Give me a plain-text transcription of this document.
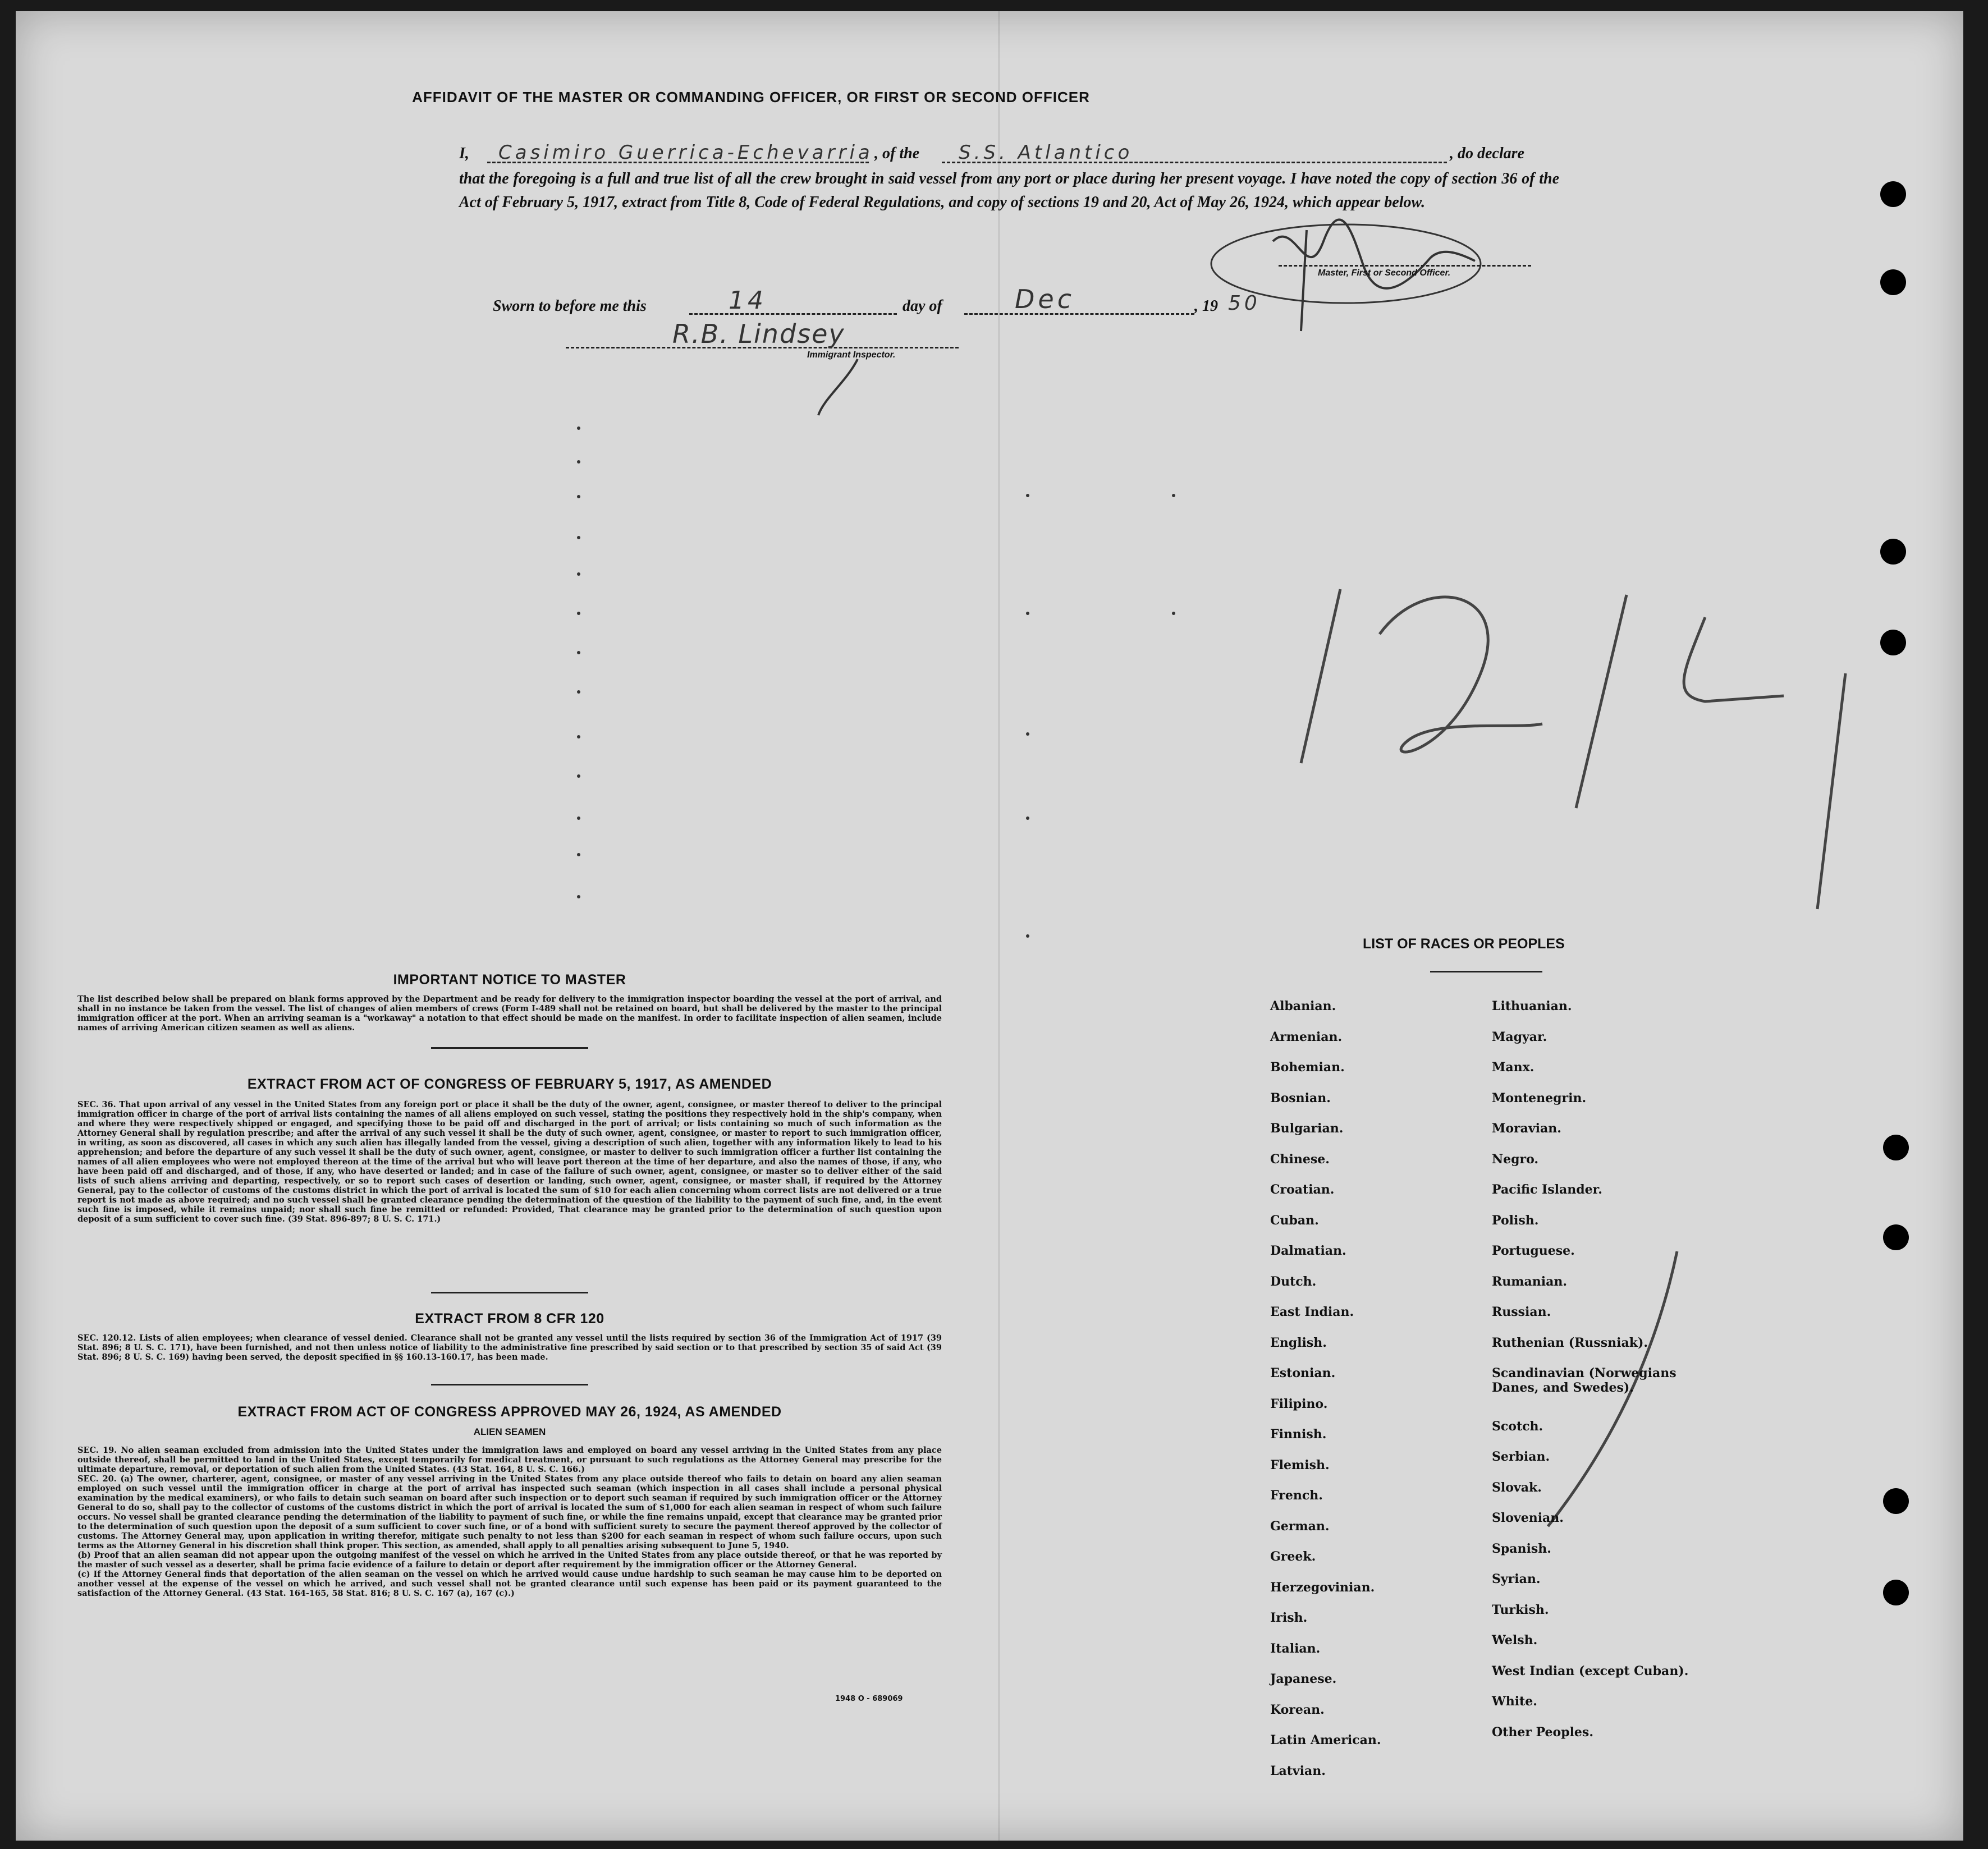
AFFIDAVIT OF THE MASTER OR COMMANDING OFFICER, OR FIRST OR SECOND OFFICER
I, Casimiro Guerrica-Echevarria , of the S.S. Atlantico	, do declare
that the foregoing is a full and true list of all the crew brought in said vessel from any port or place during her present voyage. I have noted the copy of section 36 of the Act of February 5, 1917, extract from Title 8, Code of Federal Regulations, and copy of sections 19 and 20, Act of May 26, 1924, which appear below.
Master, First or Second Officer.
Sworn to before me this	14	day of	Dec	, 19 50
R.B. Lindsey
Immigrant Inspector.
IMPORTANT NOTICE TO MASTER
The list described below shall be prepared on blank forms approved by the Department and be ready for delivery to the immigration inspector boarding the vessel at the port of arrival, and shall in no instance be taken from the vessel. The list of changes of alien members of crews (Form I-489 shall not be retained on board, but shall be delivered by the master to the principal immigration officer at the port. When an arriving seaman is a "workaway" a notation to that effect should be made on the manifest. In order to facilitate inspection of alien seamen, include names of arriving American citizen seamen as well as aliens.
EXTRACT FROM ACT OF CONGRESS OF FEBRUARY 5, 1917, AS AMENDED
SEC. 36. That upon arrival of any vessel in the United States from any foreign port or place it shall be the duty of the owner, agent, consignee, or master thereof to deliver to the principal immigration officer in charge of the port of arrival lists containing the names of all aliens employed on such vessel, stating the positions they respectively hold in the ship's company, when and where they were respectively shipped or engaged, and specifying those to be paid off and discharged in the port of arrival; or lists containing so much of such information as the Attorney General shall by regulation prescribe; and after the arrival of any such vessel it shall be the duty of such owner, agent, consignee, or master to report to such immigration officer, in writing, as soon as discovered, all cases in which any such alien has illegally landed from the vessel, giving a description of such alien, together with any information likely to lead to his apprehension; and before the departure of any such vessel it shall be the duty of such owner, agent, consignee, or master to deliver to such immigration officer a further list containing the names of all alien employees who were not employed thereon at the time of the arrival but who will leave port thereon at the time of her departure, and also the names of those, if any, who have been paid off and discharged, and of those, if any, who have deserted or landed; and in case of the failure of such owner, agent, consignee, or master so to deliver either of the said lists of such aliens arriving and departing, respectively, or so to report such cases of desertion or landing, such owner, agent, consignee, or master shall, if required by the Attorney General, pay to the collector of customs of the customs district in which the port of arrival is located the sum of $10 for each alien concerning whom correct lists are not delivered or a true report is not made as above required; and no such vessel shall be granted clearance pending the determination of the question of the liability to the payment of such fine, and, in the event such fine is imposed, while it remains unpaid; nor shall such fine be remitted or refunded: Provided, That clearance may be granted prior to the determination of such question upon deposit of a sum sufficient to cover such fine. (39 Stat. 896-897; 8 U. S. C. 171.)
EXTRACT FROM 8 CFR 120
SEC. 120.12. Lists of alien employees; when clearance of vessel denied. Clearance shall not be granted any vessel until the lists required by section 36 of the Immigration Act of 1917 (39 Stat. 896; 8 U. S. C. 171), have been furnished, and not then unless notice of liability to the administrative fine prescribed by said section or to that prescribed by section 35 of said Act (39 Stat. 896; 8 U. S. C. 169) having been served, the deposit specified in §§ 160.13-160.17, has been made.
EXTRACT FROM ACT OF CONGRESS APPROVED MAY 26, 1924, AS AMENDED
ALIEN SEAMEN
SEC. 19. No alien seaman excluded from admission into the United States under the immigration laws and employed on board any vessel arriving in the United States from any place outside thereof, shall be permitted to land in the United States, except temporarily for medical treatment, or pursuant to such regulations as the Attorney General may prescribe for the ultimate departure, removal, or deportation of such alien from the United States. (43 Stat. 164, 8 U. S. C. 166.)
SEC. 20. (a) The owner, charterer, agent, consignee, or master of any vessel arriving in the United States from any place outside thereof who fails to detain on board any alien seaman employed on such vessel until the immigration officer in charge at the port of arrival has inspected such seaman (which inspection in all cases shall include a personal physical examination by the medical examiners), or who fails to detain such seaman on board after such inspection or to deport such seaman if required by such immigration officer or the Attorney General to do so, shall pay to the collector of customs of the customs district in which the port of arrival is located the sum of $1,000 for each alien seaman in respect of whom such failure occurs. No vessel shall be granted clearance pending the determination of the liability to payment of such fine, or while the fine remains unpaid, except that clearance may be granted prior to the determination of such question upon the deposit of a sum sufficient to cover such fine, or of a bond with sufficient surety to secure the payment thereof approved by the collector of customs. The Attorney General may, upon application in writing therefor, mitigate such penalty to not less than $200 for each seaman in respect of whom such failure occurs, upon such terms as the Attorney General in his discretion shall think proper. This section, as amended, shall apply to all penalties arising subsequent to June 5, 1940.
(b) Proof that an alien seaman did not appear upon the outgoing manifest of the vessel on which he arrived in the United States from any place outside thereof, or that he was reported by the master of such vessel as a deserter, shall be prima facie evidence of a failure to detain or deport after requirement by the immigration officer or the Attorney General.
(c) If the Attorney General finds that deportation of the alien seaman on the vessel on which he arrived would cause undue hardship to such seaman he may cause him to be deported on another vessel at the expense of the vessel on which he arrived, and such vessel shall not be granted clearance until such expense has been paid or its payment guaranteed to the satisfaction of the Attorney General. (43 Stat. 164-165, 58 Stat. 816; 8 U. S. C. 167 (a), 167 (c).)
1948 O - 689069
LIST OF RACES OR PEOPLES
Albanian.
Armenian.
Bohemian.
Bosnian.
Bulgarian.
Chinese.
Croatian.
Cuban.
Dalmatian.
Dutch.
East Indian.
English.
Estonian.
Filipino.
Finnish.
Flemish.
French.
German.
Greek.
Herzegovinian.
Irish.
Italian.
Japanese.
Korean.
Latin American.
Latvian.
Lithuanian.
Magyar.
Manx.
Montenegrin.
Moravian.
Negro.
Pacific Islander.
Polish.
Portuguese.
Rumanian.
Russian.
Ruthenian (Russniak).
Scandinavian (Norwegians
Danes, and Swedes).
Scotch.
Serbian.
Slovak.
Slovenian.
Spanish.
Syrian.
Turkish.
Welsh.
West Indian (except Cuban).
White.
Other Peoples.
